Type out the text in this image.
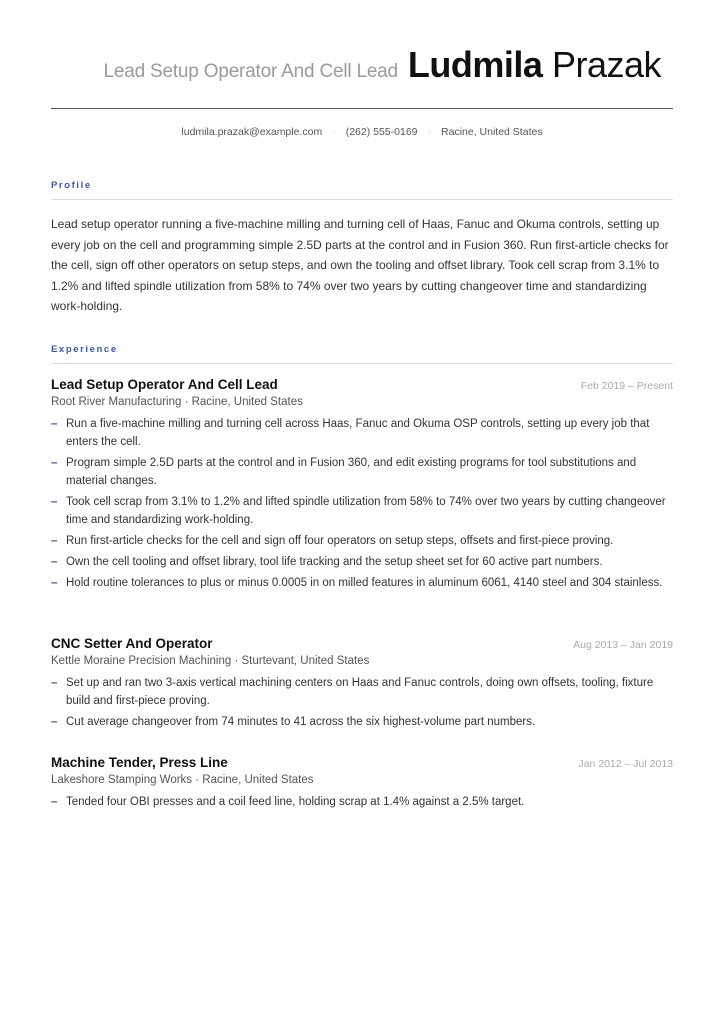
Lead Setup Operator And Cell Lead Ludmila Prazak
ludmila.prazak@example.com · (262) 555-0169 · Racine, United States
Profile
Lead setup operator running a five-machine milling and turning cell of Haas, Fanuc and Okuma controls, setting up every job on the cell and programming simple 2.5D parts at the control and in Fusion 360. Run first-article checks for the cell, sign off other operators on setup steps, and own the tooling and offset library. Took cell scrap from 3.1% to 1.2% and lifted spindle utilization from 58% to 74% over two years by cutting changeover time and standardizing work-holding.
Experience
Lead Setup Operator And Cell Lead	Feb 2019 – Present
Root River Manufacturing · Racine, United States
– Run a five-machine milling and turning cell across Haas, Fanuc and Okuma OSP controls, setting up every job that enters the cell.
– Program simple 2.5D parts at the control and in Fusion 360, and edit existing programs for tool substitutions and material changes.
– Took cell scrap from 3.1% to 1.2% and lifted spindle utilization from 58% to 74% over two years by cutting changeover time and standardizing work-holding.
– Run first-article checks for the cell and sign off four operators on setup steps, offsets and first-piece proving.
– Own the cell tooling and offset library, tool life tracking and the setup sheet set for 60 active part numbers.
– Hold routine tolerances to plus or minus 0.0005 in on milled features in aluminum 6061, 4140 steel and 304 stainless.
CNC Setter And Operator	Aug 2013 – Jan 2019
Kettle Moraine Precision Machining · Sturtevant, United States
– Set up and ran two 3-axis vertical machining centers on Haas and Fanuc controls, doing own offsets, tooling, fixture build and first-piece proving.
– Cut average changeover from 74 minutes to 41 across the six highest-volume part numbers.
Machine Tender, Press Line	Jan 2012 – Jul 2013
Lakeshore Stamping Works · Racine, United States
– Tended four OBI presses and a coil feed line, holding scrap at 1.4% against a 2.5% target.
